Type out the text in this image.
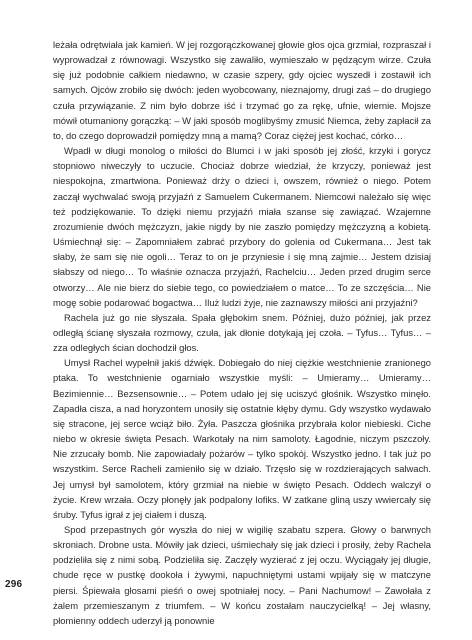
leżała odrętwiała jak kamień. W jej rozgorączkowanej głowie głos ojca grzmiał, rozpraszał i wyprowadzał z równowagi. Wszystko się zawaliło, wymieszało w pędzącym wirze. Czuła się już podobnie całkiem niedawno, w czasie szpery, gdy ojciec wyszedł i zostawił ich samych. Ojców zrobiło się dwóch: jeden wyobcowany, nieznajomy, drugi zaś – do drugiego czuła przywiązanie. Z nim było dobrze iść i trzymać go za rękę, ufnie, wiernie. Mojsze mówił otumaniony gorączką: – W jaki sposób moglibyśmy zmusić Niemca, żeby zapłacił za to, do czego doprowadził pomiędzy mną a mamą? Coraz ciężej jest kochać, córko…

Wpadł w długi monolog o miłości do Blumci i w jaki sposób jej złość, krzyki i gorycz stopniowo niweczyły to uczucie. Chociaż dobrze wiedział, że krzyczy, ponieważ jest niespokojna, zmartwiona. Ponieważ drży o dzieci i, owszem, również o niego. Potem zaczął wychwalać swoją przyjaźń z Samuelem Cukermanem. Niemcowi należało się więc też podziękowanie. To dzięki niemu przyjaźń miała szanse się zawiązać. Wzajemne zrozumienie dwóch mężczyzn, jakie nigdy by nie zaszło pomiędzy mężczyzną a kobietą. Uśmiechnął się: – Zapomniałem zabrać przybory do golenia od Cukermana… Jest tak słaby, że sam się nie ogoli… Teraz to on je przyniesie i się mną zajmie… Jestem dzisiaj słabszy od niego… To właśnie oznacza przyjaźń, Rachelciu… Jeden przed drugim serce otworzy… Ale nie bierz do siebie tego, co powiedziałem o matce… To ze szczęścia… Nie mogę sobie podarować bogactwa… Iluż ludzi żyje, nie zaznawszy miłości ani przyjaźni?

Rachela już go nie słyszała. Spała głębokim snem. Później, dużo później, jak przez odległą ścianę słyszała rozmowy, czuła, jak dłonie dotykają jej czoła. – Tyfus… Tyfus… – zza odległych ścian dochodził głos.

Umysł Rachel wypełnił jakiś dźwięk. Dobiegało do niej ciężkie westchnienie zranionego ptaka. To westchnienie ogarniało wszystkie myśli: – Umieramy… Umieramy… Bezimiennie… Bezsensownie… – Potem udało jej się uciszyć głośnik. Wszystko minęło. Zapadła cisza, a nad horyzontem unosiły się ostatnie kłęby dymu. Gdy wszystko wydawało się stracone, jej serce wciąż biło. Żyła. Paszcza głośnika przybrała kolor niebieski. Ciche niebo w okresie święta Pesach. Warkotały na nim samoloty. Łagodnie, niczym pszczoły. Nie zrzucały bomb. Nie zapowiadały pożarów – tylko spokój. Wszystko jedno. I tak już po wszystkim. Serce Racheli zamieniło się w działo. Trzęsło się w rozdzierających salwach. Jej umysł był samolotem, który grzmiał na niebie w święto Pesach. Oddech walczył o życie. Krew wrzała. Oczy płonęły jak podpalony lofiks. W zatkane gliną uszy wwiercały się śruby. Tyfus igrał z jej ciałem i duszą.

Spod przepastnych gór wyszła do niej w wigilię szabatu szpera. Głowy o barwnych skroniach. Drobne usta. Mówiły jak dzieci, uśmiechały się jak dzieci i prosiły, żeby Rachela podzieliła się z nimi sobą. Podzieliła się. Zaczęły wyzierać z jej oczu. Wyciągały jej długie, chude ręce w pustkę dookoła i żywymi, napuchniętymi ustami wpijały się w matczyne piersi. Śpiewała głosami pieśń o owej spotniałej nocy. – Pani Nachumow! – Zawołała z żalem przemieszanym z triumfem. – W końcu zostałam nauczycielką! – Jej własny, płomienny oddech uderzył ją ponownie

296
